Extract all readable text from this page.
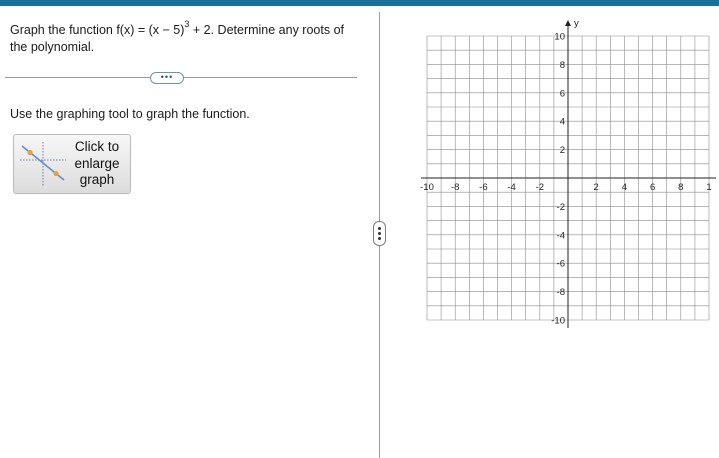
Graph the function $f(x) = (x - 5)^3 + 2$. Determine any roots of the polynomial.
•••
Use the graphing tool to graph the function.
Click to enlarge graph
y
-10 -8 -6 -4 -2	2 4 6 8 1
10
8
6
4
2
-2
-4
-6
-8
-10
